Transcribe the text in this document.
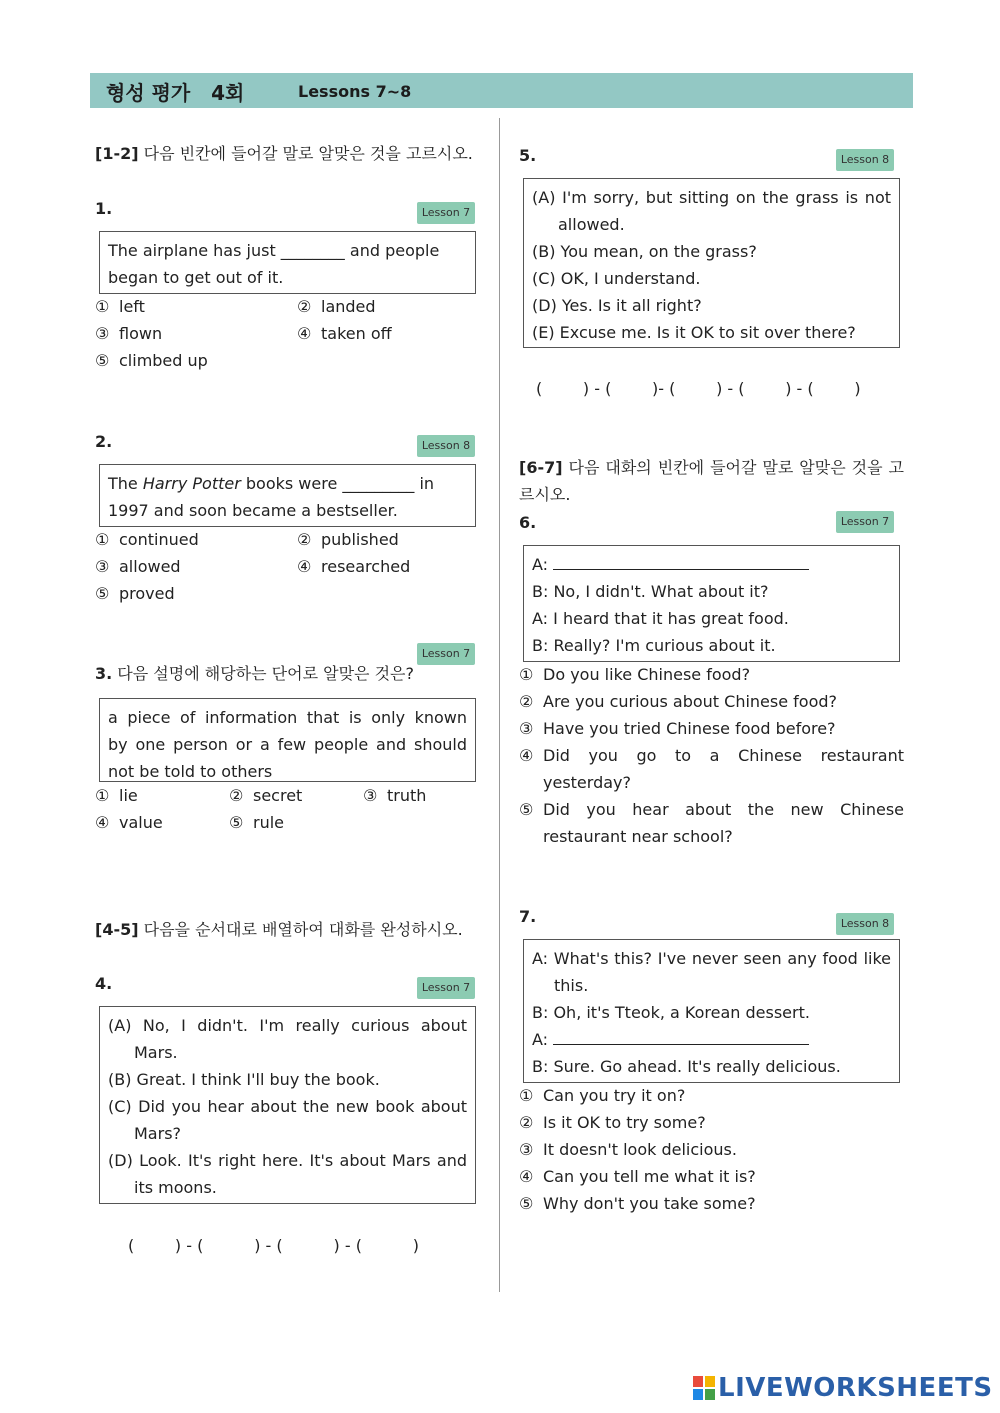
형성 평가   4회	Lessons 7~8
[1-2] 다음 빈칸에 들어갈 말로 알맞은 것을 고르시오.
1.	Lesson 7
The airplane has just ________ and people
began to get out of it.
① left	② landed
③ flown	④ taken off
⑤ climbed up
2.	Lesson 8
The Harry Potter books were _________ in
1997 and soon became a bestseller.
① continued	② published
③ allowed	④ researched
⑤ proved
Lesson 7
3. 다음 설명에 해당하는 단어로 알맞은 것은?
a piece of information that is only known
by one person or a few people and should
not be told to others
① lie	② secret	③ truth
④ value	⑤ rule
[4-5] 다음을 순서대로 배열하여 대화를 완성하시오.
4.	Lesson 7
(A) No, I didn't. I'm really curious about Mars.
(B) Great. I think I'll buy the book.
(C) Did you hear about the new book about Mars?
(D) Look. It's right here. It's about Mars and its moons.
(        ) - (          ) - (          ) - (          )
5.	Lesson 8
(A) I'm sorry, but sitting on the grass is not allowed.
(B) You mean, on the grass?
(C) OK, I understand.
(D) Yes. Is it all right?
(E) Excuse me. Is it OK to sit over there?
(        ) - (        )- (        ) - (        ) - (        )
[6-7] 다음 대화의 빈칸에 들어갈 말로 알맞은 것을 고르시오.
6.	Lesson 7
A:
B: No, I didn't. What about it?
A: I heard that it has great food.
B: Really? I'm curious about it.
① Do you like Chinese food?
② Are you curious about Chinese food?
③ Have you tried Chinese food before?
④ Did you go to a Chinese restaurant yesterday?
⑤ Did you hear about the new Chinese restaurant near school?
7.	Lesson 8
A: What's this? I've never seen any food like this.
B: Oh, it's Tteok, a Korean dessert.
A:
B: Sure. Go ahead. It's really delicious.
① Can you try it on?
② Is it OK to try some?
③ It doesn't look delicious.
④ Can you tell me what it is?
⑤ Why don't you take some?
LIVEWORKSHEETS
